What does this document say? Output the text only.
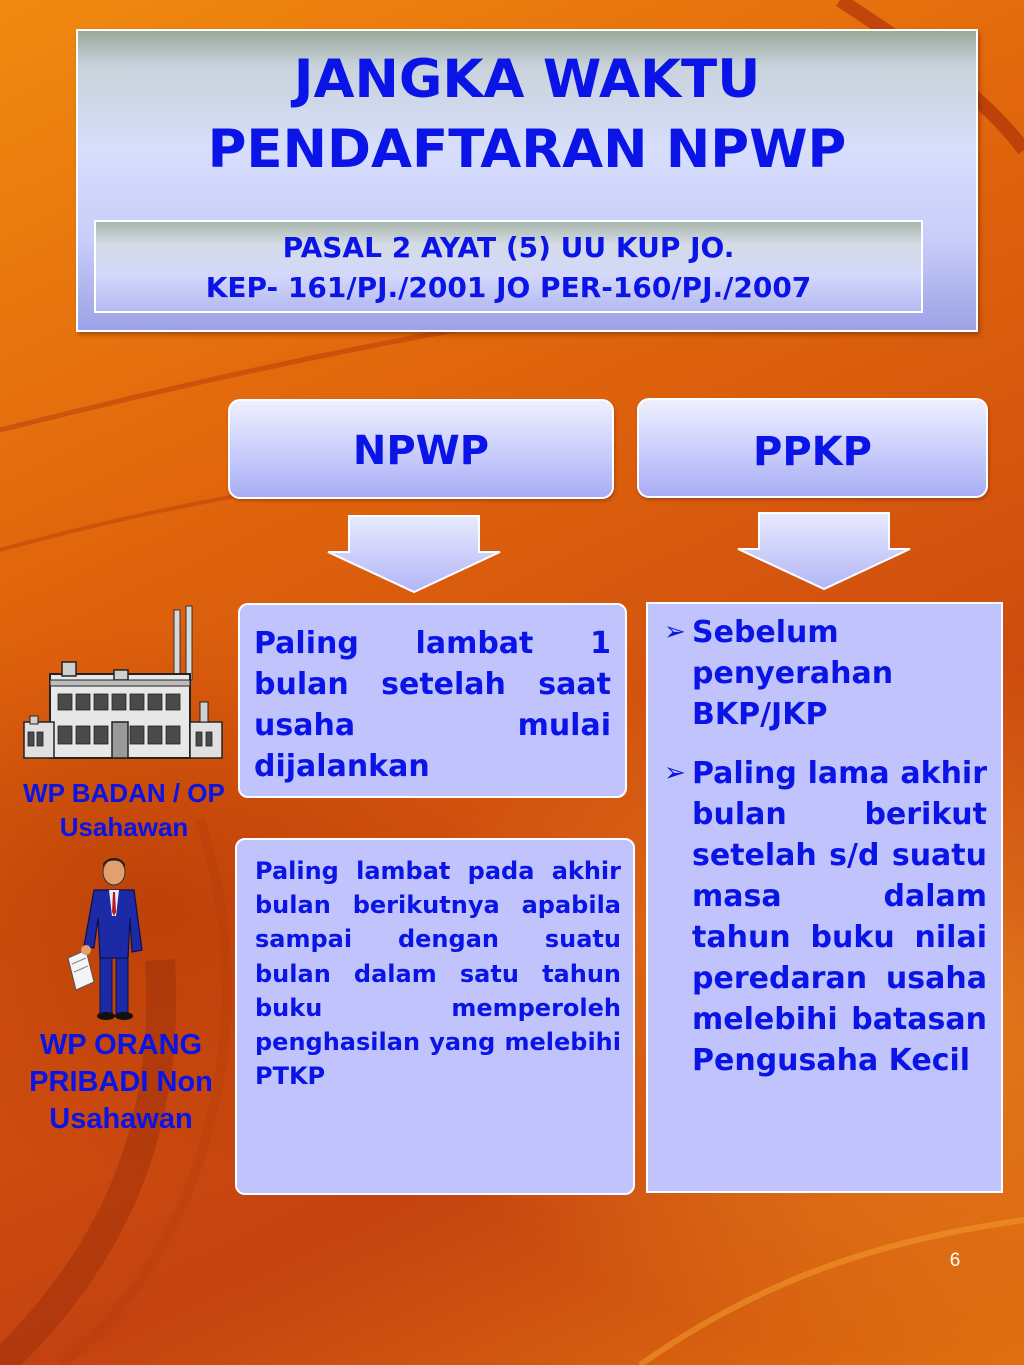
JANGKA WAKTU
PENDAFTARAN NPWP
PASAL 2 AYAT (5) UU KUP JO.
KEP- 161/PJ./2001 JO PER-160/PJ./2007
NPWP	PPKP
Paling lambat 1 bulan setelah saat usaha mulai dijalankan
Paling lambat pada akhir bulan berikutnya apabila sampai dengan suatu bulan dalam satu tahun buku memperoleh penghasilan yang melebihi PTKP
➢ Sebelum penyerahan BKP/JKP
➢ Paling lama akhir bulan berikut setelah s/d suatu masa dalam tahun buku nilai peredaran usaha melebihi batasan Pengusaha Kecil
WP BADAN / OP Usahawan
WP ORANG PRIBADI Non Usahawan
6
